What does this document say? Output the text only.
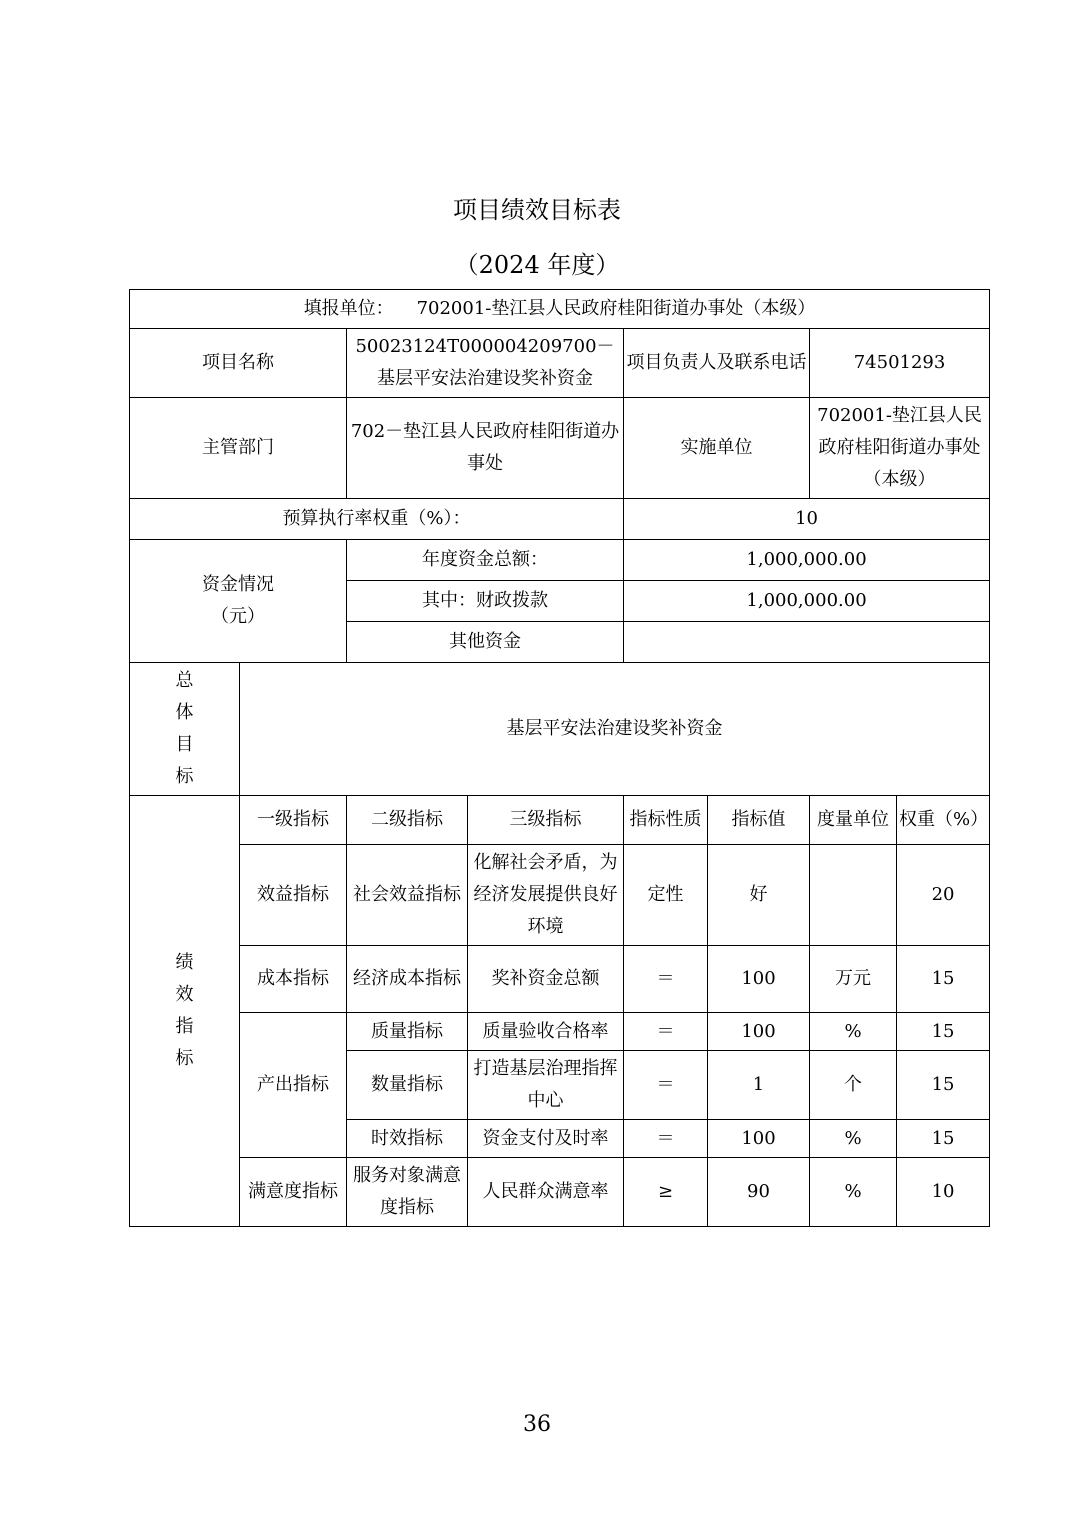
项目绩效目标表
（2024 年度）
填报单位： 702001-垫江县人民政府桂阳街道办事处（本级）							
项目名称		50023124T000004209700－基层平安法治建设奖补资金		项目负责人及联系电话		74501293	
主管部门		702－垫江县人民政府桂阳街道办事处		实施单位		702001-垫江县人民政府桂阳街道办事处（本级）	
预算执行率权重（%）：				10			

资金情况
（元）		年度资金总额：		1,000,000.00			
		其中：财政拨款		1,000,000.00			
		其他资金					

总
体
目
标	基层平安法治建设奖补资金						

绩
效
指
标	一级指标	二级指标	三级指标	指标性质	指标值	度量单位	权重（%）
	效益指标	社会效益指标	化解社会矛盾，为经济发展提供良好环境	定性	好		20
	成本指标	经济成本指标	奖补资金总额	＝	100	万元	15
	产出指标	质量指标	质量验收合格率	＝	100	%	15
		数量指标	打造基层治理指挥中心	＝	1	个	15
		时效指标	资金支付及时率	＝	100	%	15
	满意度指标	服务对象满意度指标	人民群众满意率	≥	90	%	10
36
